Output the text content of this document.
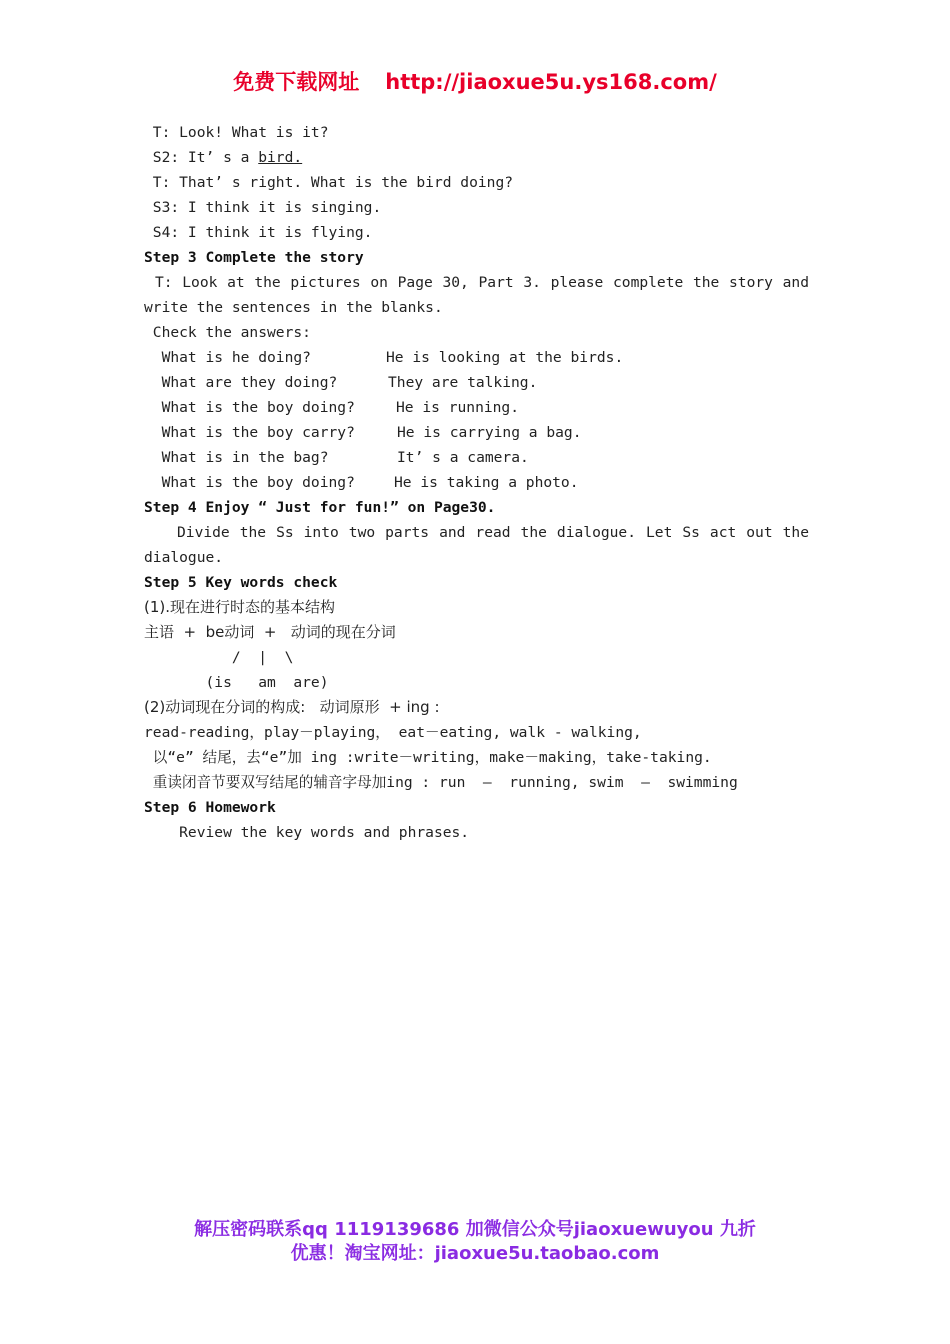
免费下载网址 http://jiaoxue5u.ys168.com/
T: Look! What is it?
S2: It’ s a bird.
T: That’ s right. What is the bird doing?
S3: I think it is singing.
S4: I think it is flying.
Step 3 Complete the story
T: Look at the pictures on Page 30, Part 3. please complete the story and
write the sentences in the blanks.
Check the answers:
What is he doing?	He is looking at the birds.
What are they doing?	They are talking.
What is the boy doing?	He is running.
What is the boy carry?	He is carrying a bag.
What is in the bag?	It’ s a camera.
What is the boy doing?	He is taking a photo.
Step 4 Enjoy “ Just for fun!” on Page30.
Divide the Ss into two parts and read the dialogue. Let Ss act out the
dialogue.
Step 5 Key words check
(1).现在进行时态的基本结构
主语  +  be动词  +   动词的现在分词
/  |  \
(is   am  are)
(2)动词现在分词的构成:   动词原形  + ing :
read-reading，play－playing， eat－eating, walk - walking,
以“e” 结尾，去“e”加 ing :write－writing，make－making，take-taking.
重读闭音节要双写结尾的辅音字母加ing : run  –  running, swim  –  swimming
Step 6 Homework
Review the key words and phrases.
解压密码联系qq 1119139686 加微信公众号jiaoxuewuyou 九折
优惠！淘宝网址：jiaoxue5u.taobao.com
